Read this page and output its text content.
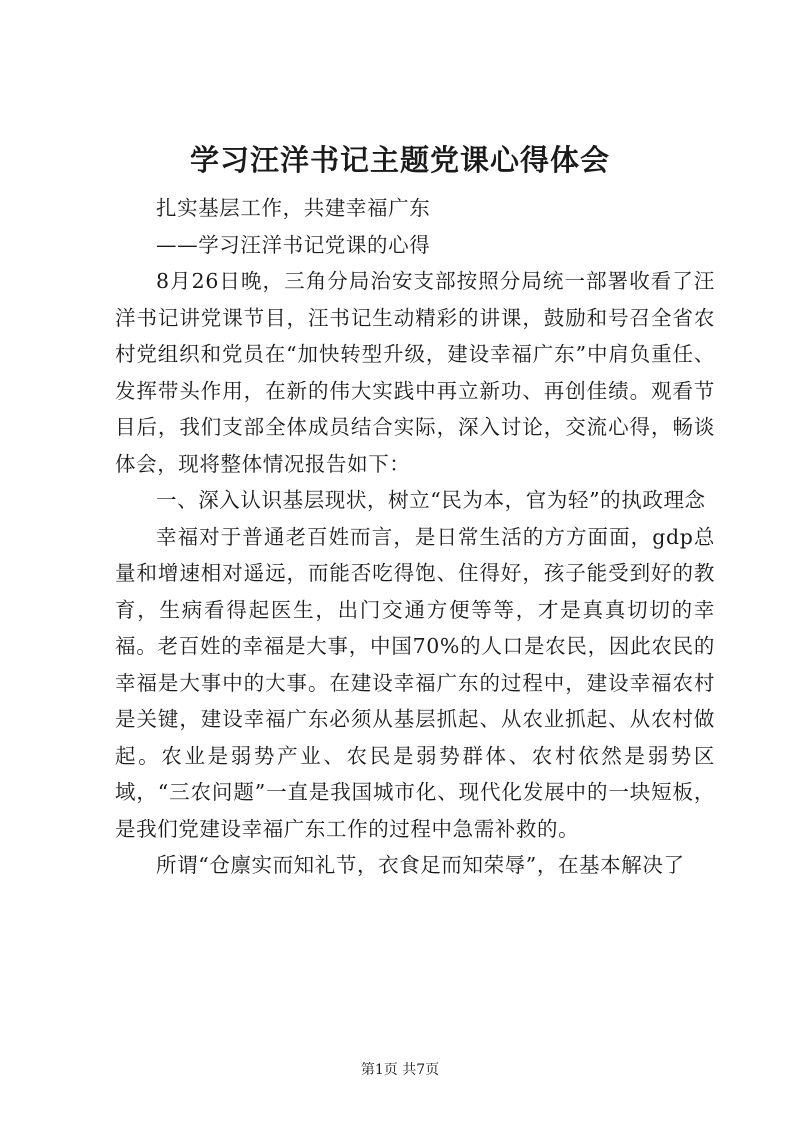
学习汪洋书记主题党课心得体会

扎实基层工作，共建幸福广东

——学习汪洋书记党课的心得

8月26日晚，三角分局治安支部按照分局统一部署收看了汪洋书记讲党课节目，汪书记生动精彩的讲课，鼓励和号召全省农村党组织和党员在“加快转型升级，建设幸福广东”中肩负重任、发挥带头作用，在新的伟大实践中再立新功、再创佳绩。观看节目后，我们支部全体成员结合实际，深入讨论，交流心得，畅谈体会，现将整体情况报告如下：

一、深入认识基层现状，树立“民为本，官为轻”的执政理念

幸福对于普通老百姓而言，是日常生活的方方面面，gdp总量和增速相对遥远，而能否吃得饱、住得好，孩子能受到好的教育，生病看得起医生，出门交通方便等等，才是真真切切的幸福。老百姓的幸福是大事，中国70%的人口是农民，因此农民的幸福是大事中的大事。在建设幸福广东的过程中，建设幸福农村是关键，建设幸福广东必须从基层抓起、从农业抓起、从农村做起。农业是弱势产业、农民是弱势群体、农村依然是弱势区域，“三农问题”一直是我国城市化、现代化发展中的一块短板，是我们党建设幸福广东工作的过程中急需补救的。

所谓“仓廪实而知礼节，衣食足而知荣辱”，在基本解决了

第1页 共7页
